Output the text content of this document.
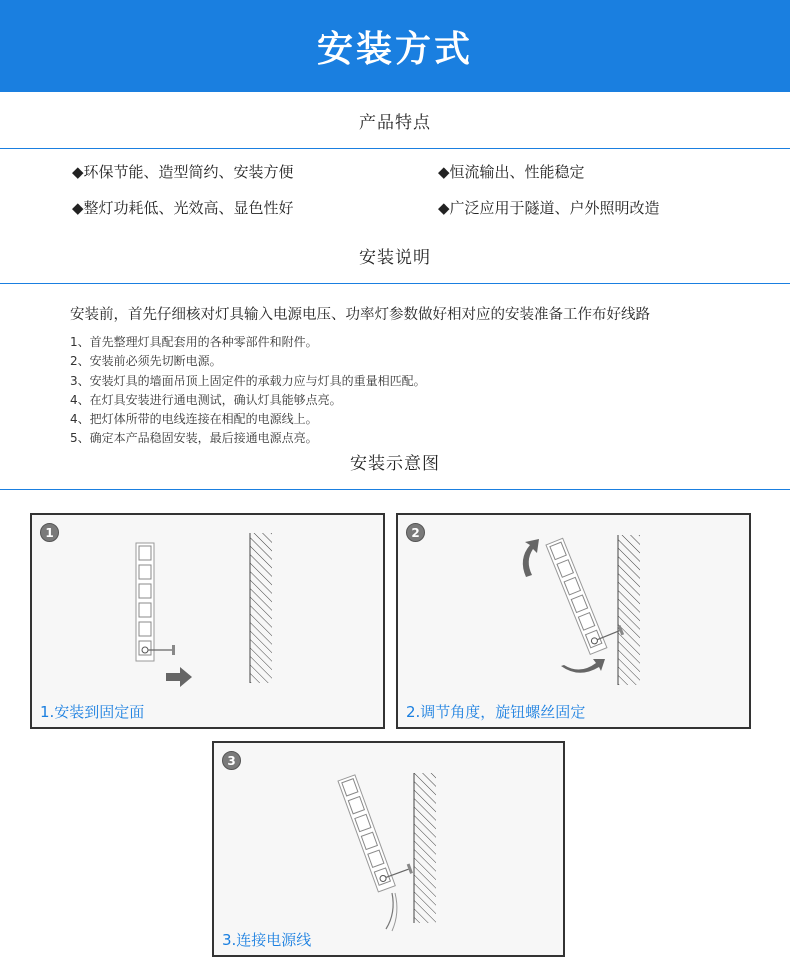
安装方式
产品特点
◆环保节能、造型简约、安装方便	◆恒流输出、性能稳定
◆整灯功耗低、光效高、显色性好	◆广泛应用于隧道、户外照明改造
安装说明
安装前，首先仔细核对灯具输入电源电压、功率灯参数做好相对应的安装准备工作布好线路
1、首先整理灯具配套用的各种零部件和附件。
2、安装前必须先切断电源。
3、安装灯具的墙面吊顶上固定件的承载力应与灯具的重量相匹配。
4、在灯具安装进行通电测试，确认灯具能够点亮。
4、把灯体所带的电线连接在相配的电源线上。
5、确定本产品稳固安装，最后接通电源点亮。
安装示意图
1
1.安装到固定面
2
2.调节角度，旋钮螺丝固定
3
3.连接电源线
